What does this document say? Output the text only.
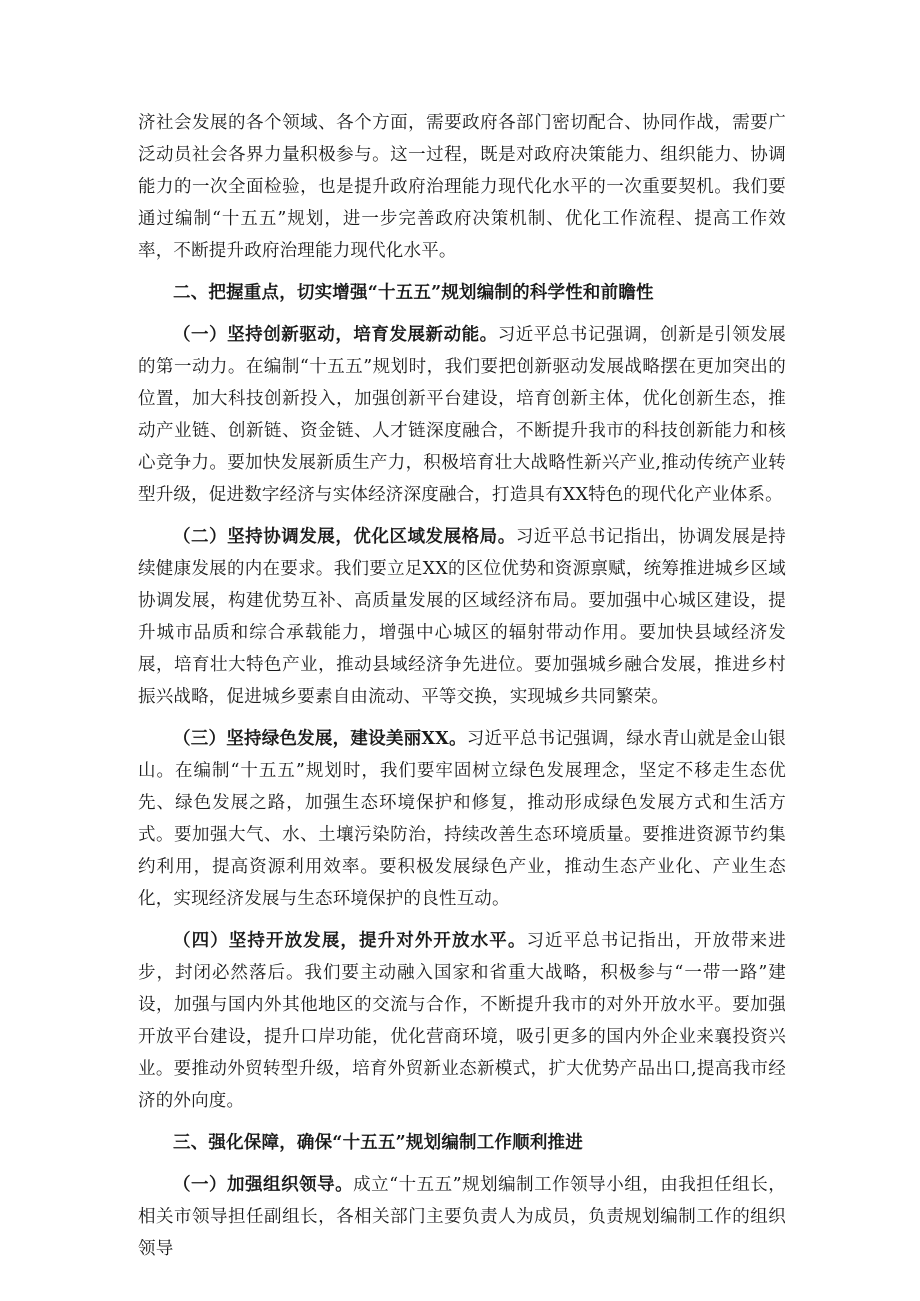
济社会发展的各个领域、各个方面，需要政府各部门密切配合、协同作战，需要广泛动员社会各界力量积极参与。这一过程，既是对政府决策能力、组织能力、协调能力的一次全面检验，也是提升政府治理能力现代化水平的一次重要契机。我们要通过编制“十五五”规划，进一步完善政府决策机制、优化工作流程、提高工作效率，不断提升政府治理能力现代化水平。

二、把握重点，切实增强“十五五”规划编制的科学性和前瞻性

（一）坚持创新驱动，培育发展新动能。习近平总书记强调，创新是引领发展的第一动力。在编制“十五五”规划时，我们要把创新驱动发展战略摆在更加突出的位置，加大科技创新投入，加强创新平台建设，培育创新主体，优化创新生态，推动产业链、创新链、资金链、人才链深度融合，不断提升我市的科技创新能力和核心竞争力。要加快发展新质生产力，积极培育壮大战略性新兴产业,推动传统产业转型升级，促进数字经济与实体经济深度融合，打造具有XX特色的现代化产业体系。

（二）坚持协调发展，优化区域发展格局。习近平总书记指出，协调发展是持续健康发展的内在要求。我们要立足XX的区位优势和资源禀赋，统筹推进城乡区域协调发展，构建优势互补、高质量发展的区域经济布局。要加强中心城区建设，提升城市品质和综合承载能力，增强中心城区的辐射带动作用。要加快县域经济发展，培育壮大特色产业，推动县域经济争先进位。要加强城乡融合发展，推进乡村振兴战略，促进城乡要素自由流动、平等交换，实现城乡共同繁荣。

（三）坚持绿色发展，建设美丽XX。习近平总书记强调，绿水青山就是金山银山。在编制“十五五”规划时，我们要牢固树立绿色发展理念，坚定不移走生态优先、绿色发展之路，加强生态环境保护和修复，推动形成绿色发展方式和生活方式。要加强大气、水、土壤污染防治，持续改善生态环境质量。要推进资源节约集约利用，提高资源利用效率。要积极发展绿色产业，推动生态产业化、产业生态化，实现经济发展与生态环境保护的良性互动。

（四）坚持开放发展，提升对外开放水平。习近平总书记指出，开放带来进步，封闭必然落后。我们要主动融入国家和省重大战略，积极参与“一带一路”建设，加强与国内外其他地区的交流与合作，不断提升我市的对外开放水平。要加强开放平台建设，提升口岸功能，优化营商环境，吸引更多的国内外企业来襄投资兴业。要推动外贸转型升级，培育外贸新业态新模式，扩大优势产品出口,提高我市经济的外向度。

三、强化保障，确保“十五五”规划编制工作顺利推进

（一）加强组织领导。成立“十五五”规划编制工作领导小组，由我担任组长，相关市领导担任副组长，各相关部门主要负责人为成员，负责规划编制工作的组织领导
